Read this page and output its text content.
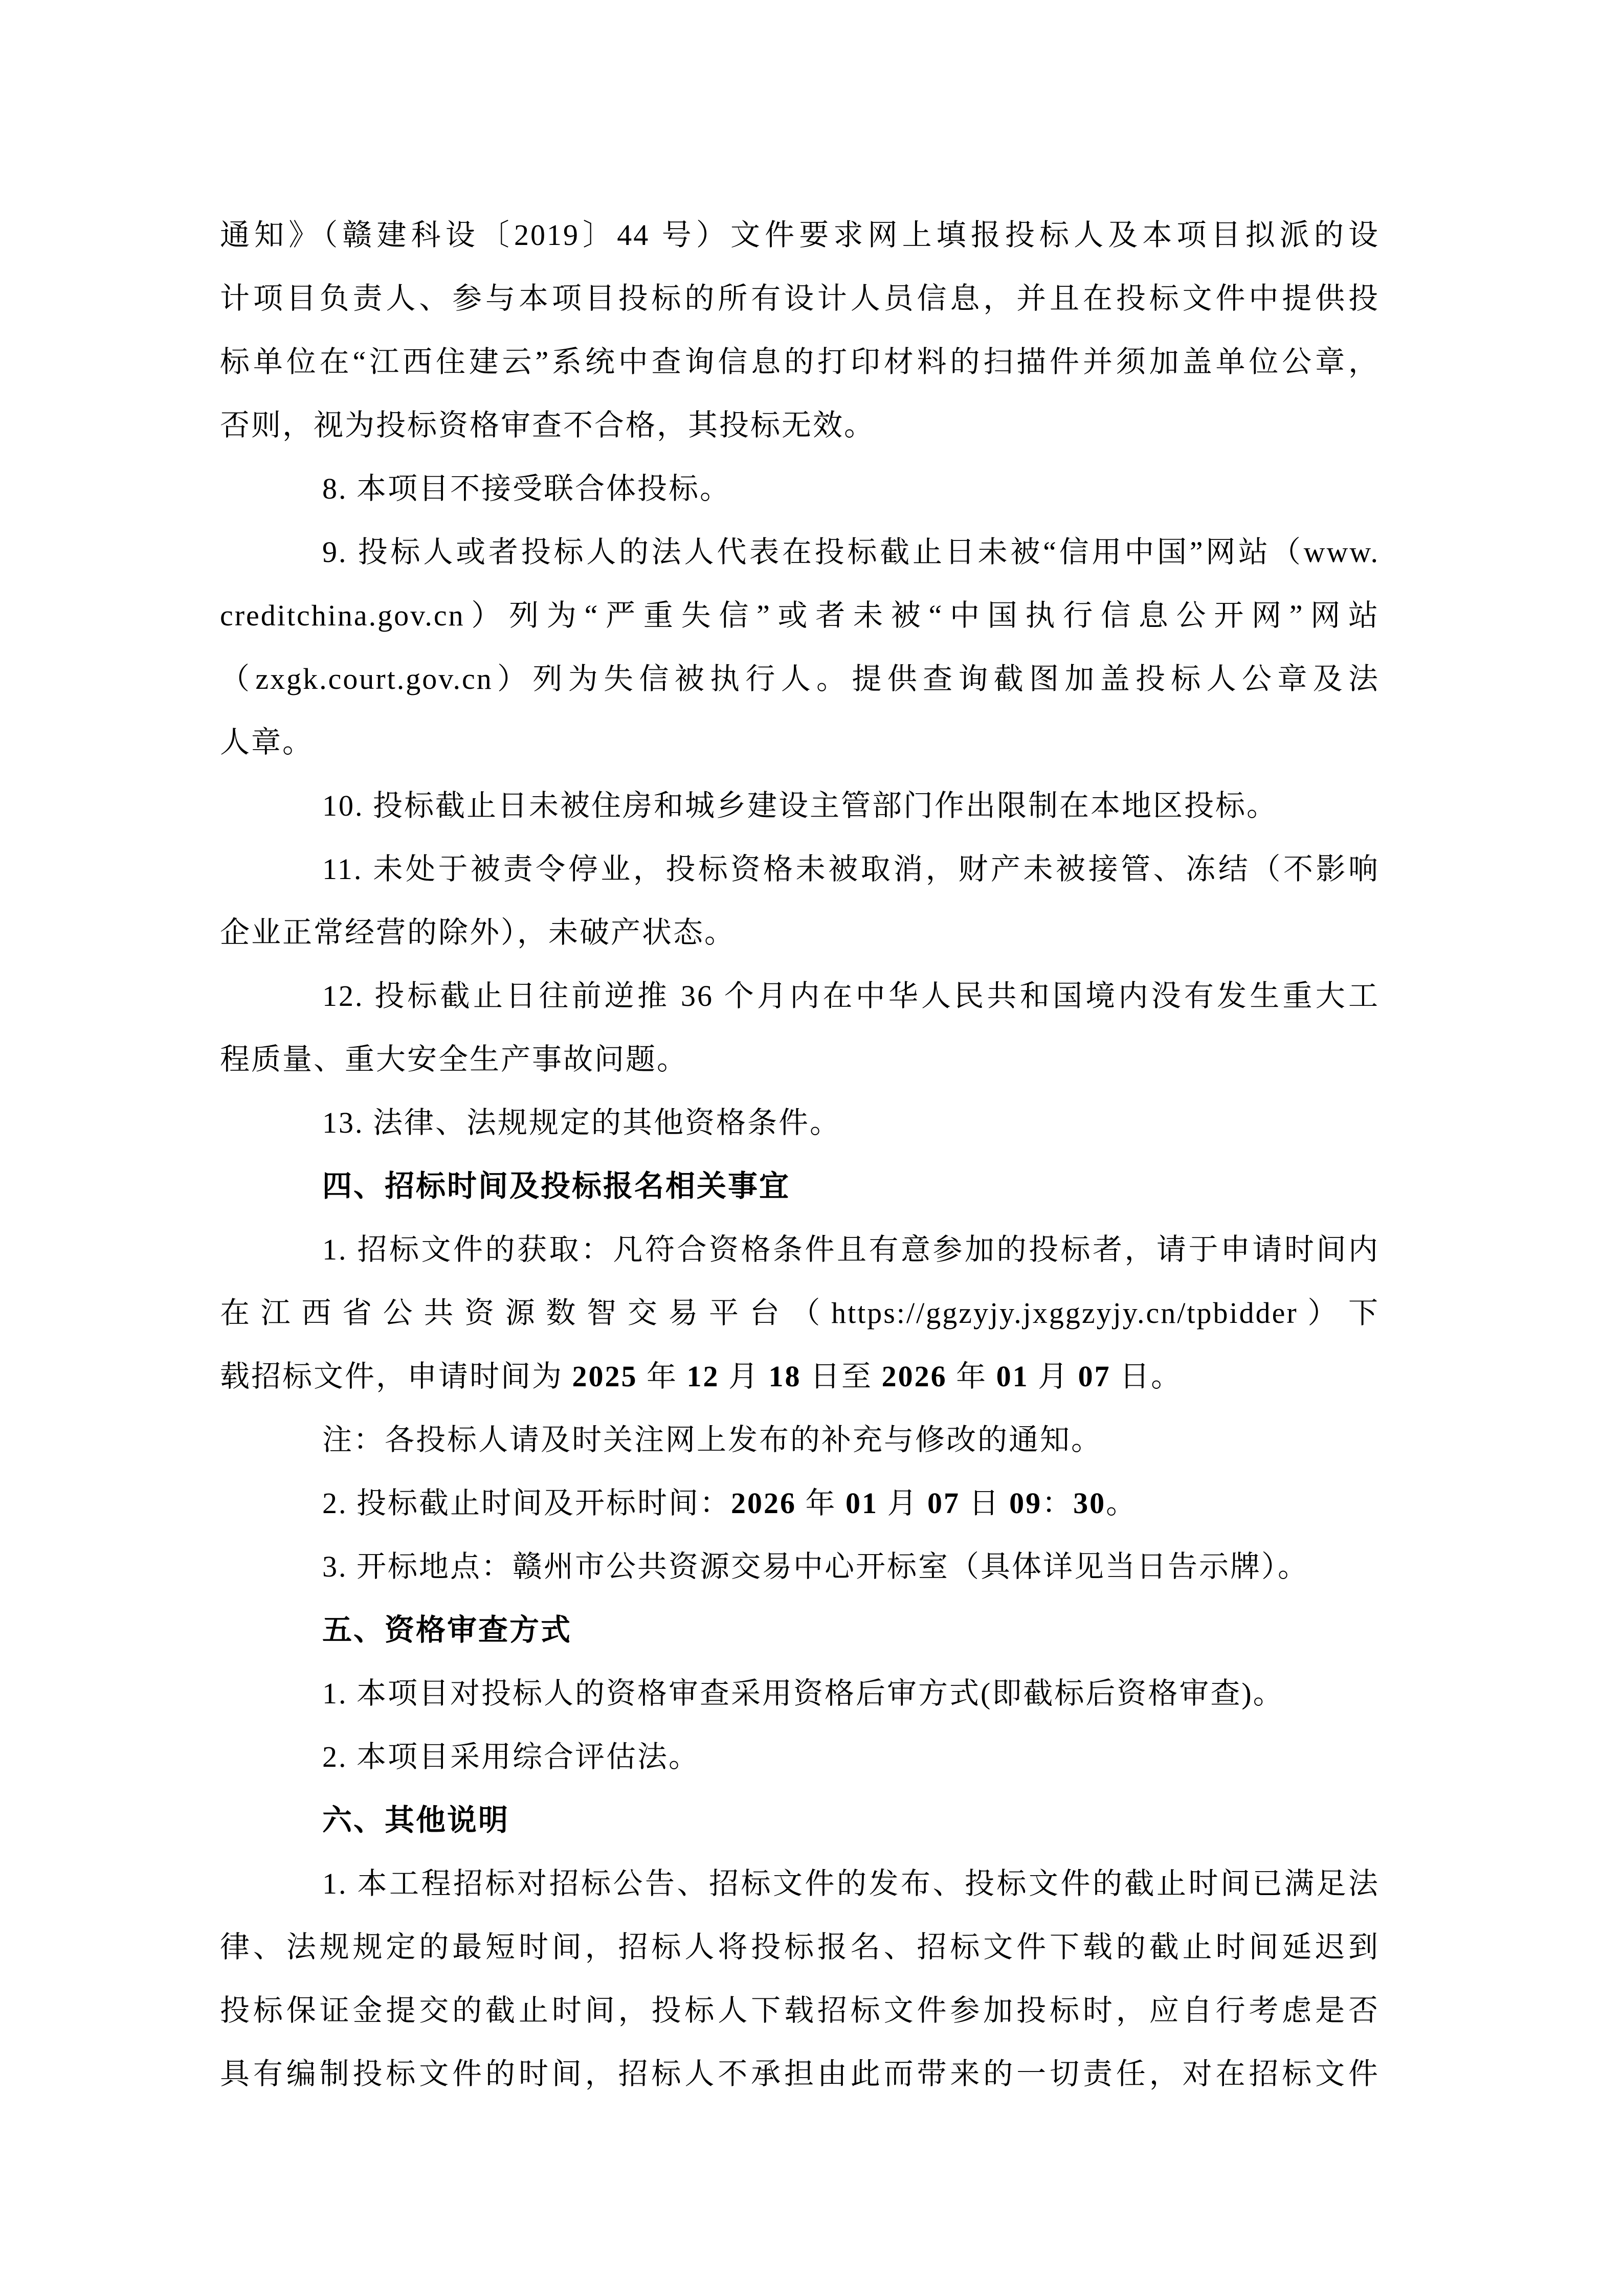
通知》（赣建科设〔2019〕44 号）文件要求网上填报投标人及本项目拟派的设
计项目负责人、参与本项目投标的所有设计人员信息，并且在投标文件中提供投
标单位在“江西住建云”系统中查询信息的打印材料的扫描件并须加盖单位公章，
否则，视为投标资格审查不合格，其投标无效。
8. 本项目不接受联合体投标。
9. 投标人或者投标人的法人代表在投标截止日未被“信用中国”网站（www.
creditchina.gov.cn）列为“严重失信”或者未被“中国执行信息公开网”网站
（zxgk.court.gov.cn）列为失信被执行人。提供查询截图加盖投标人公章及法
人章。
10. 投标截止日未被住房和城乡建设主管部门作出限制在本地区投标。
11. 未处于被责令停业，投标资格未被取消，财产未被接管、冻结（不影响
企业正常经营的除外），未破产状态。
12. 投标截止日往前逆推 36 个月内在中华人民共和国境内没有发生重大工
程质量、重大安全生产事故问题。
13. 法律、法规规定的其他资格条件。
四、招标时间及投标报名相关事宜
1. 招标文件的获取：凡符合资格条件且有意参加的投标者，请于申请时间内
在江西省公共资源数智交易平台（https://ggzyjy.jxggzyjy.cn/tpbidder）下
载招标文件，申请时间为 2025 年 12 月 18 日至 2026 年 01 月 07 日。
注：各投标人请及时关注网上发布的补充与修改的通知。
2. 投标截止时间及开标时间：2026 年 01 月 07 日 09：30。
3. 开标地点：赣州市公共资源交易中心开标室（具体详见当日告示牌）。
五、资格审查方式
1. 本项目对投标人的资格审查采用资格后审方式(即截标后资格审查)。
2. 本项目采用综合评估法。
六、其他说明
1. 本工程招标对招标公告、招标文件的发布、投标文件的截止时间已满足法
律、法规规定的最短时间，招标人将投标报名、招标文件下载的截止时间延迟到
投标保证金提交的截止时间，投标人下载招标文件参加投标时，应自行考虑是否
具有编制投标文件的时间，招标人不承担由此而带来的一切责任，对在招标文件
